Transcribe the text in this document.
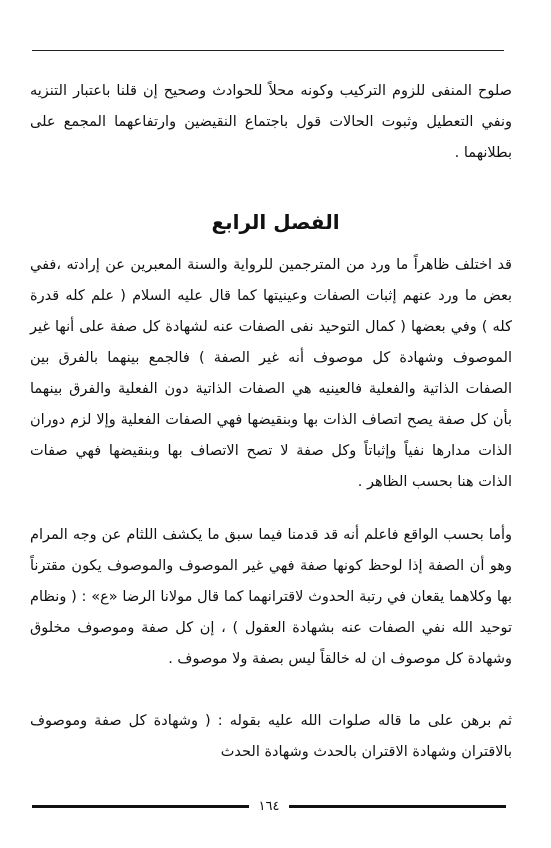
صلوح المنفى للزوم التركيب وكونه محلاً للحوادث وصحيح إن قلنا باعتبار التنزيه ونفي التعطيل وثبوت الحالات قول باجتماع النقيضين وارتفاعهما المجمع على بطلانهما .

الفصل الرابع

قد اختلف ظاهراً ما ورد من المترجمين للرواية والسنة المعبرين عن إرادته ،ففي بعض ما ورد عنهم إثبات الصفات وعينيتها كما قال عليه السلام ( علم كله قدرة كله ) وفي بعضها ( كمال التوحيد نفى الصفات عنه لشهادة كل صفة على أنها غير الموصوف وشهادة كل موصوف أنه غير الصفة ) فالجمع بينهما بالفرق بين الصفات الذاتية والفعلية فالعينيه هي الصفات الذاتية دون الفعلية والفرق بينهما بأن كل صفة يصح اتصاف الذات بها وبنقيضها فهي الصفات الفعلية وإلا لزم دوران الذات مدارها نفياً وإثباتاً وكل صفة لا تصح الاتصاف بها وبنقيضها فهي صفات الذات هنا بحسب الظاهر .

وأما بحسب الواقع فاعلم أنه قد قدمنا فيما سبق ما يكشف اللثام عن وجه المرام وهو أن الصفة إذا لوحظ كونها صفة فهي غير الموصوف والموصوف يكون مقترناً بها وكلاهما يقعان في رتبة الحدوث لاقترانهما كما قال مولانا الرضا «ع» : ( ونظام توحيد الله نفي الصفات عنه بشهادة العقول ) ، إن كل صفة وموصوف مخلوق وشهادة كل موصوف ان له خالقاً ليس بصفة ولا موصوف .

ثم برهن على ما قاله صلوات الله عليه بقوله : ( وشهادة كل صفة وموصوف بالاقتران وشهادة الاقتران بالحدث وشهادة الحدث

١٦٤
